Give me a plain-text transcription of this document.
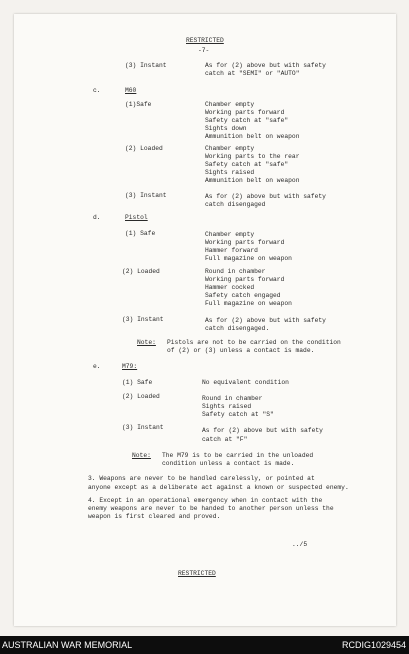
RESTRICTED
-7-
(3) Instant	As for (2) above but with safety
catch at "SEMI" or "AUTO"
c.	M60
(1)Safe	Chamber empty
Working parts forward
Safety catch at "safe"
Sights down
Ammunition belt on weapon
(2) Loaded	Chamber empty
Working parts to the rear
Safety catch at "safe"
Sights raised
Ammunition belt on weapon
(3) Instant	As for (2) above but with safety
catch disengaged
d.	Pistol
(1) Safe	Chamber empty
Working parts forward
Hammer forward
Full magazine on weapon
(2) Loaded	Round in chamber
Working parts forward
Hammer cocked
Safety catch engaged
Full magazine on weapon
(3) Instant	As for (2) above but with safety
catch disengaged.
Note: Pistols are not to be carried on the condition
of (2) or (3) unless a contact is made.
e.	M79:
(1) Safe	No equivalent condition
(2) Loaded	Round in chamber
Sights raised
Safety catch at "S"
(3) Instant	As for (2) above but with safety
catch at "F"
Note: The M79 is to be carried in the unloaded
condition unless a contact is made.
3. Weapons are never to be handled carelessly, or pointed at
anyone except as a deliberate act against a known or suspected enemy.
4. Except in an operational emergency when in contact with the
enemy weapons are never to be handed to another person unless the
weapon is first cleared and proved.
../5
RESTRICTED
AUSTRALIAN WAR MEMORIAL	RCDIG1029454
